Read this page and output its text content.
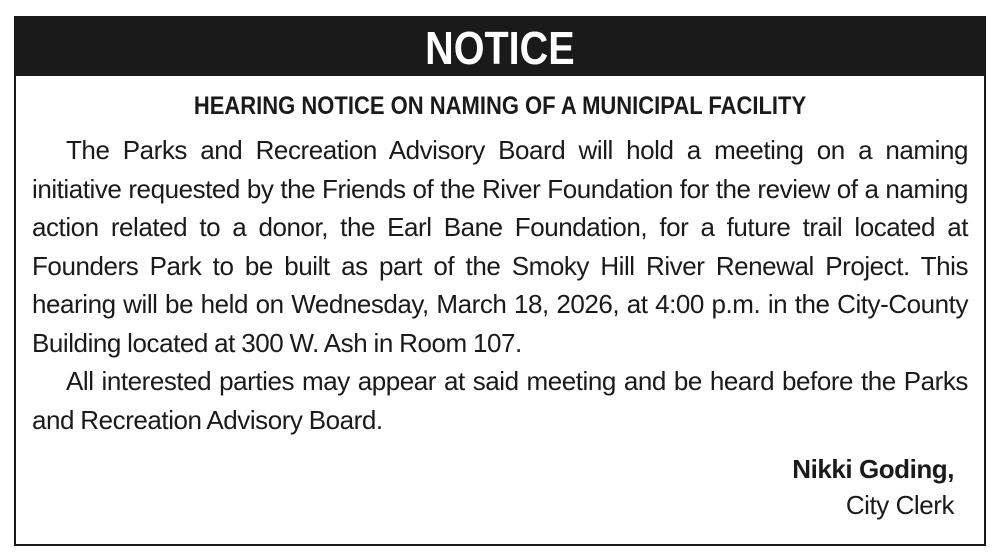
NOTICE
HEARING NOTICE ON NAMING OF A MUNICIPAL FACILITY

The Parks and Recreation Advisory Board will hold a meeting on a naming initiative requested by the Friends of the River Foundation for the review of a naming action related to a donor, the Earl Bane Foundation, for a future trail located at Founders Park to be built as part of the Smoky Hill River Renewal Project. This hearing will be held on Wednesday, March 18, 2026, at 4:00 p.m. in the City-County Building located at 300 W. Ash in Room 107.

All interested parties may appear at said meeting and be heard before the Parks and Recreation Advisory Board.

Nikki Goding,
City Clerk
